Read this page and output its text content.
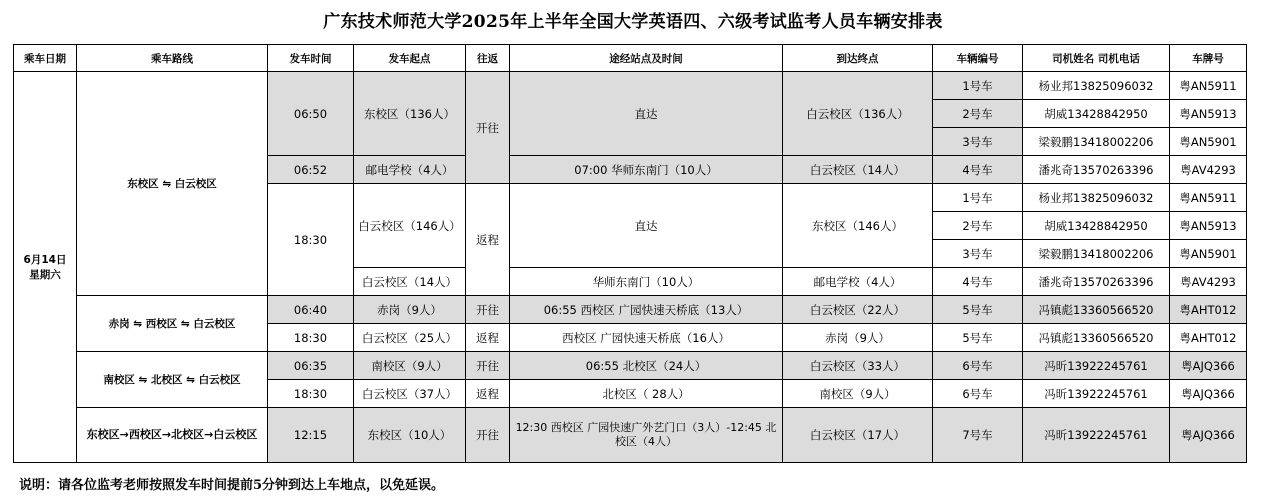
广东技术师范大学2025年上半年全国大学英语四、六级考试监考人员车辆安排表
乘车日期	乘车路线	发车时间	发车起点	往返	途经站点及时间	到达终点	车辆编号	司机姓名 司机电话	车牌号

6月14日
星期六	东校区 ⇋ 白云校区	06:50	东校区（136人）	开往	直达	白云校区（136人）	1号车	杨业邦13825096032	粤AN5911
							2号车	胡威13428842950	粤AN5913
							3号车	梁毅鹏13418002206	粤AN5901
		06:52	邮电学校（4人）		07:00 华师东南门（10人）	白云校区（14人）	4号车	潘兆奇13570263396	粤AV4293
		18:30	白云校区（146人）	返程	直达	东校区（146人）	1号车	杨业邦13825096032	粤AN5911
							2号车	胡威13428842950	粤AN5913
							3号车	梁毅鹏13418002206	粤AN5901
			白云校区（14人）		华师东南门（10人）	邮电学校（4人）	4号车	潘兆奇13570263396	粤AV4293
	赤岗 ⇋ 西校区 ⇋ 白云校区	06:40	赤岗（9人）	开往	06:55 西校区 广园快速天桥底（13人）	白云校区（22人）	5号车	冯镇彪13360566520	粤AHT012
		18:30	白云校区（25人）	返程	西校区 广园快速天桥底（16人）	赤岗（9人）	5号车	冯镇彪13360566520	粤AHT012
	南校区 ⇋ 北校区 ⇋ 白云校区	06:35	南校区（9人）	开往	06:55 北校区（24人）	白云校区（33人）	6号车	冯昕13922245761	粤AJQ366
		18:30	白云校区（37人）	返程	北校区（ 28人）	南校区（9人）	6号车	冯昕13922245761	粤AJQ366
	东校区→西校区→北校区→白云校区	12:15	东校区（10人）	开往	12:30 西校区 广园快速广外艺门口（3人）-12:45 北校区（4人）	白云校区（17人）	7号车	冯昕13922245761	粤AJQ366
说明：请各位监考老师按照发车时间提前5分钟到达上车地点，以免延误。
